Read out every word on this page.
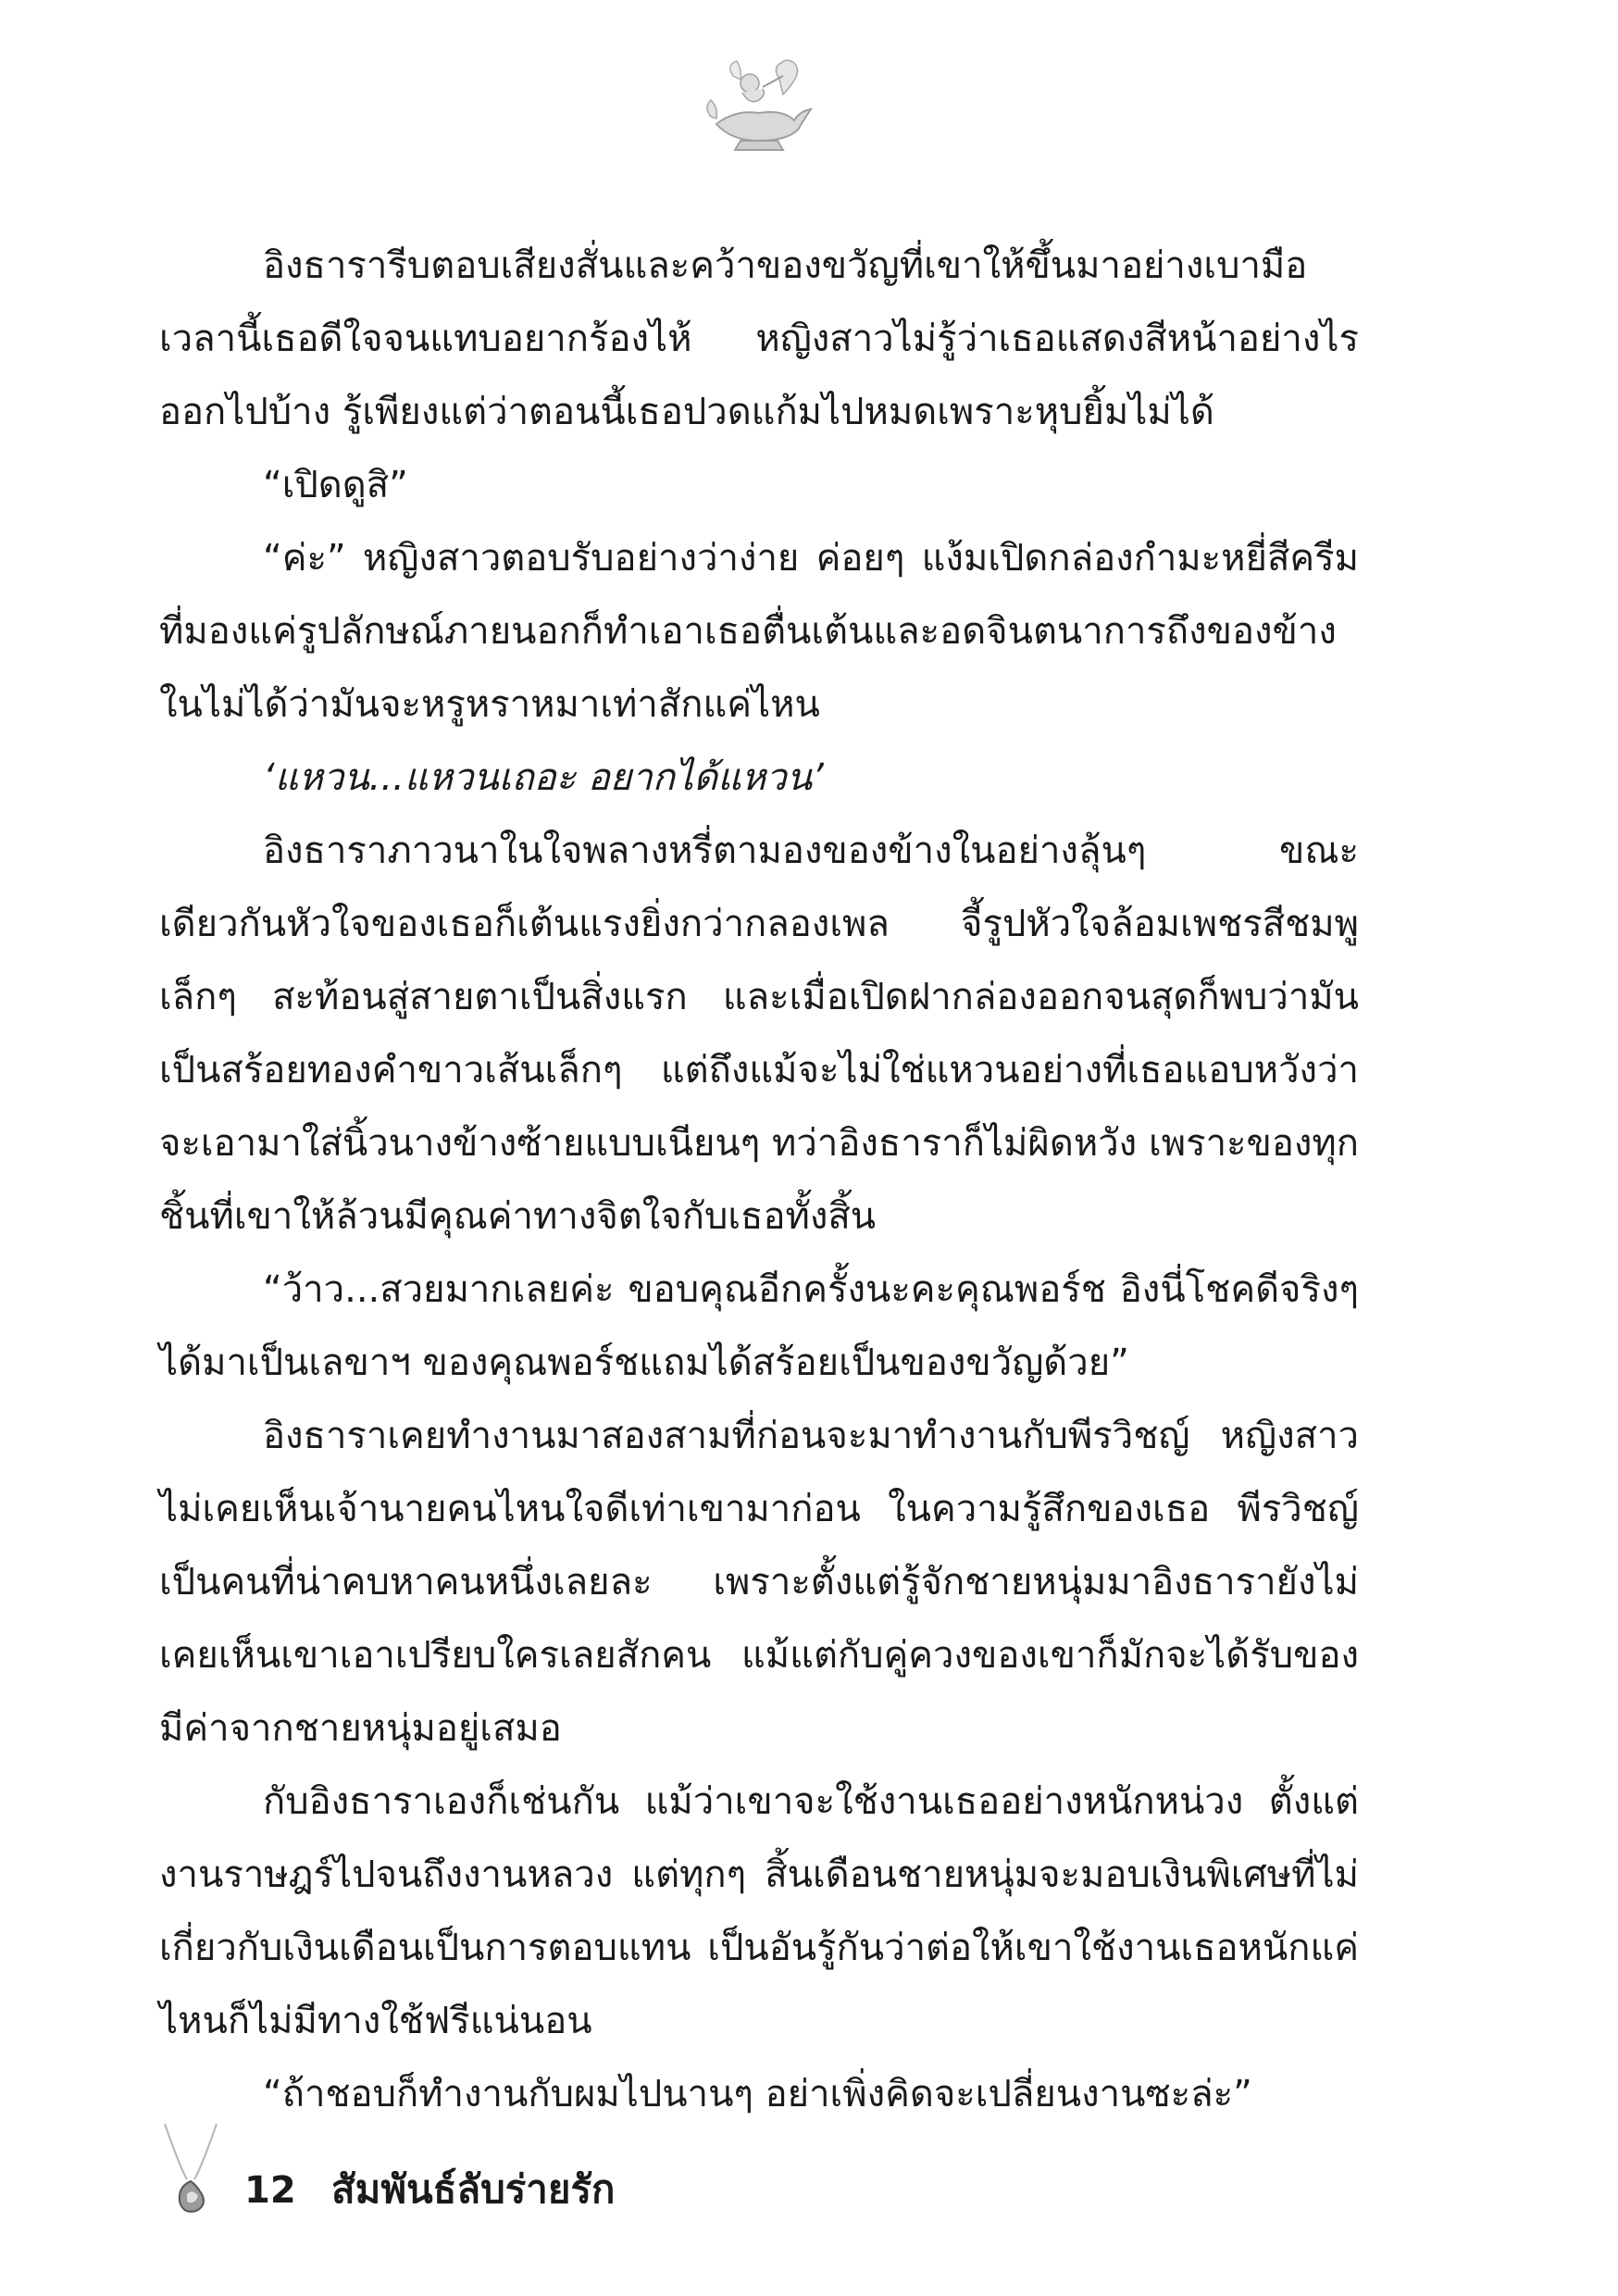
อิงธารารีบตอบเสียงสั่นและคว้าของขวัญที่เขาให้ขึ้นมาอย่างเบามือ เวลานี้เธอดีใจจนแทบอยากร้องไห้ หญิงสาวไม่รู้ว่าเธอแสดงสีหน้าอย่างไรออกไปบ้าง รู้เพียงแต่ว่าตอนนี้เธอปวดแก้มไปหมดเพราะหุบยิ้มไม่ได้

“เปิดดูสิ”

“ค่ะ” หญิงสาวตอบรับอย่างว่าง่าย ค่อยๆ แง้มเปิดกล่องกำมะหยี่สีครีมที่มองแค่รูปลักษณ์ภายนอกก็ทำเอาเธอตื่นเต้นและอดจินตนาการถึงของข้างในไม่ได้ว่ามันจะหรูหราหมาเท่าสักแค่ไหน

‘แหวน...แหวนเถอะ อยากได้แหวน’

อิงธาราภาวนาในใจพลางหรี่ตามองของข้างในอย่างลุ้นๆ ขณะเดียวกันหัวใจของเธอก็เต้นแรงยิ่งกว่ากลองเพล จี้รูปหัวใจล้อมเพชรสีชมพูเล็กๆ สะท้อนสู่สายตาเป็นสิ่งแรก และเมื่อเปิดฝากล่องออกจนสุดก็พบว่ามันเป็นสร้อยทองคำขาวเส้นเล็กๆ แต่ถึงแม้จะไม่ใช่แหวนอย่างที่เธอแอบหวังว่าจะเอามาใส่นิ้วนางข้างซ้ายแบบเนียนๆ ทว่าอิงธาราก็ไม่ผิดหวัง เพราะของทุกชิ้นที่เขาให้ล้วนมีคุณค่าทางจิตใจกับเธอทั้งสิ้น

“ว้าว...สวยมากเลยค่ะ ขอบคุณอีกครั้งนะคะคุณพอร์ช อิงนี่โชคดีจริงๆ ได้มาเป็นเลขาฯ ของคุณพอร์ชแถมได้สร้อยเป็นของขวัญด้วย”

อิงธาราเคยทำงานมาสองสามที่ก่อนจะมาทำงานกับพีรวิชญ์ หญิงสาวไม่เคยเห็นเจ้านายคนไหนใจดีเท่าเขามาก่อน ในความรู้สึกของเธอ พีรวิชญ์เป็นคนที่น่าคบหาคนหนึ่งเลยละ เพราะตั้งแต่รู้จักชายหนุ่มมาอิงธารายังไม่เคยเห็นเขาเอาเปรียบใครเลยสักคน แม้แต่กับคู่ควงของเขาก็มักจะได้รับของมีค่าจากชายหนุ่มอยู่เสมอ

กับอิงธาราเองก็เช่นกัน แม้ว่าเขาจะใช้งานเธออย่างหนักหน่วง ตั้งแต่งานราษฎร์ไปจนถึงงานหลวง แต่ทุกๆ สิ้นเดือนชายหนุ่มจะมอบเงินพิเศษที่ไม่เกี่ยวกับเงินเดือนเป็นการตอบแทน เป็นอันรู้กันว่าต่อให้เขาใช้งานเธอหนักแค่ไหนก็ไม่มีทางใช้ฟรีแน่นอน

“ถ้าชอบก็ทำงานกับผมไปนานๆ อย่าเพิ่งคิดจะเปลี่ยนงานซะล่ะ”

12 สัมพันธ์ลับร่ายรัก
